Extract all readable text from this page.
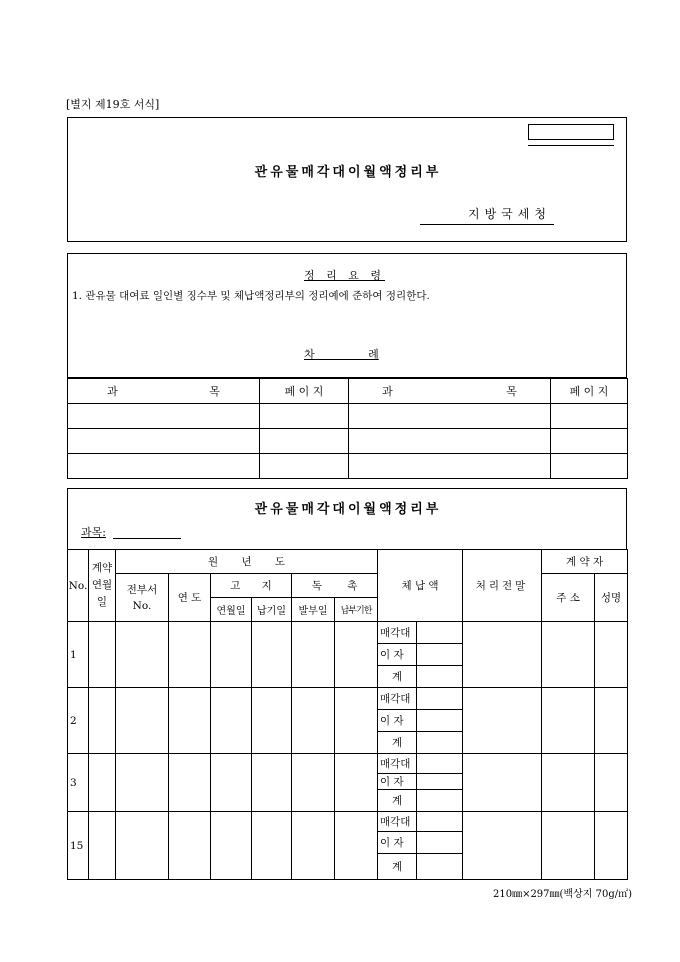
[별지 제19호 서식]
관유물매각대이월액정리부
지방국세청
정 리 요 령
1. 관유물 대여료 일인별 징수부 및 체납액정리부의 정리예에 준하여 정리한다.
차 례
과 목	페 이 지	과 목	페 이 지

관유물매각대이월액정리부
과목:
No.	계약연월일	원 년 도						체 납 액		처리전말	계 약 자	
		전부서 No.	연 도	고 지		독 촉					주 소	성명
				연월일	납기일	발부일	납부기한					
1								매각대				
								이 자				
								계				
2								매각대				
								이 자				
								계				
3								매각대				
								이 자				
								계				
15								매각대				
								이 자				
								계				
210㎜×297㎜(백상지 70g/㎡)
